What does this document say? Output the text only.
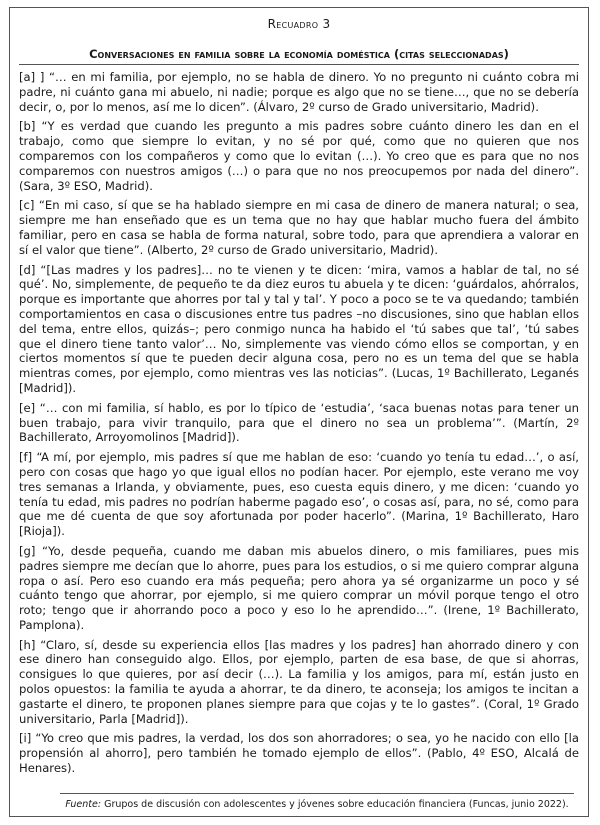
Recuadro 3
Conversaciones en familia sobre la economía doméstica (citas seleccionadas)

[a] ] “… en mi familia, por ejemplo, no se habla de dinero. Yo no pregunto ni cuánto cobra mi padre, ni cuánto gana mi abuelo, ni nadie; porque es algo que no se tiene…, que no se debería decir, o, por lo menos, así me lo dicen”. (Álvaro, 2º curso de Grado universitario, Madrid).

[b] “Y es verdad que cuando les pregunto a mis padres sobre cuánto dinero les dan en el trabajo, como que siempre lo evitan, y no sé por qué, como que no quieren que nos comparemos con los compañeros y como que lo evitan (…). Yo creo que es para que no nos comparemos con nuestros amigos (…) o para que no nos preocupemos por nada del dinero”. (Sara, 3º ESO, Madrid).

[c] “En mi caso, sí que se ha hablado siempre en mi casa de dinero de manera natural; o sea, siempre me han enseñado que es un tema que no hay que hablar mucho fuera del ámbito familiar, pero en casa se habla de forma natural, sobre todo, para que aprendiera a valorar en sí el valor que tiene”. (Alberto, 2º curso de Grado universitario, Madrid).

[d] “[Las madres y los padres]… no te vienen y te dicen: ‘mira, vamos a hablar de tal, no sé qué’. No, simplemente, de pequeño te da diez euros tu abuela y te dicen: ‘guárdalos, ahórralos, porque es importante que ahorres por tal y tal y tal’. Y poco a poco se te va quedando; también comportamientos en casa o discusiones entre tus padres –no discusiones, sino que hablan ellos del tema, entre ellos, quizás–; pero conmigo nunca ha habido el ‘tú sabes que tal’, ‘tú sabes que el dinero tiene tanto valor’… No, simplemente vas viendo cómo ellos se comportan, y en ciertos momentos sí que te pueden decir alguna cosa, pero no es un tema del que se habla mientras comes, por ejemplo, como mientras ves las noticias”. (Lucas, 1º Bachillerato, Leganés [Madrid]).

[e] “… con mi familia, sí hablo, es por lo típico de ‘estudia’, ‘saca buenas notas para tener un buen trabajo, para vivir tranquilo, para que el dinero no sea un problema’”. (Martín, 2º Bachillerato, Arroyomolinos [Madrid]).

[f] “A mí, por ejemplo, mis padres sí que me hablan de eso: ‘cuando yo tenía tu edad…’, o así, pero con cosas que hago yo que igual ellos no podían hacer. Por ejemplo, este verano me voy tres semanas a Irlanda, y obviamente, pues, eso cuesta equis dinero, y me dicen: ‘cuando yo tenía tu edad, mis padres no podrían haberme pagado eso’, o cosas así, para, no sé, como para que me dé cuenta de que soy afortunada por poder hacerlo”. (Marina, 1º Bachillerato, Haro [Rioja]).

[g] “Yo, desde pequeña, cuando me daban mis abuelos dinero, o mis familiares, pues mis padres siempre me decían que lo ahorre, pues para los estudios, o si me quiero comprar alguna ropa o así. Pero eso cuando era más pequeña; pero ahora ya sé organizarme un poco y sé cuánto tengo que ahorrar, por ejemplo, si me quiero comprar un móvil porque tengo el otro roto; tengo que ir ahorrando poco a poco y eso lo he aprendido…”. (Irene, 1º Bachillerato, Pamplona).

[h] “Claro, sí, desde su experiencia ellos [las madres y los padres] han ahorrado dinero y con ese dinero han conseguido algo. Ellos, por ejemplo, parten de esa base, de que si ahorras, consigues lo que quieres, por así decir (…). La familia y los amigos, para mí, están justo en polos opuestos: la familia te ayuda a ahorrar, te da dinero, te aconseja; los amigos te incitan a gastarte el dinero, te proponen planes siempre para que cojas y te lo gastes”. (Coral, 1º Grado universitario, Parla [Madrid]).

[i] “Yo creo que mis padres, la verdad, los dos son ahorradores; o sea, yo he nacido con ello [la propensión al ahorro], pero también he tomado ejemplo de ellos”. (Pablo, 4º ESO, Alcalá de Henares).

Fuente: Grupos de discusión con adolescentes y jóvenes sobre educación financiera (Funcas, junio 2022).
